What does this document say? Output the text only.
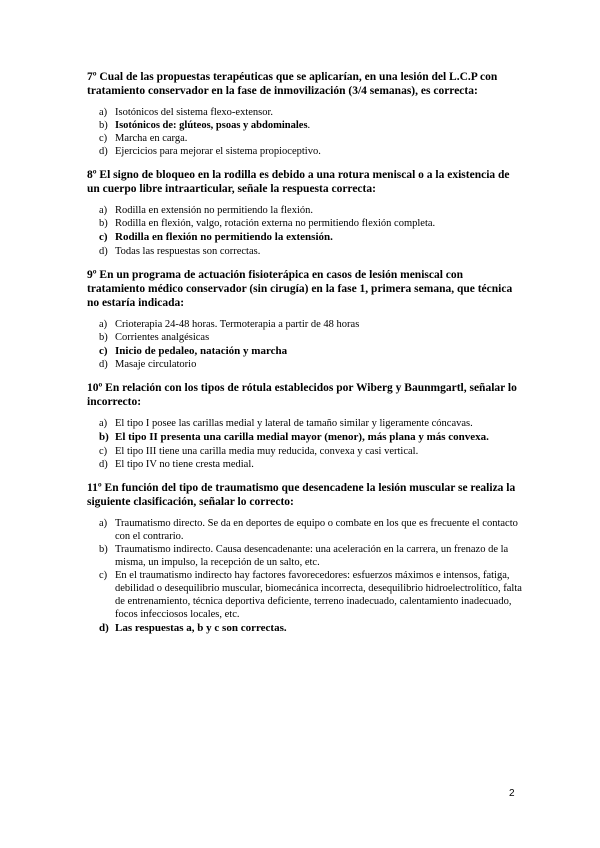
7º Cual de las propuestas terapéuticas que se aplicarían, en una lesión del L.C.P con tratamiento conservador en la fase de inmovilización (3/4 semanas), es correcta:
a) Isotónicos del sistema flexo-extensor.
b) Isotónicos de: glúteos, psoas y abdominales.
c) Marcha en carga.
d) Ejercicios para mejorar el sistema propioceptivo.
8º El signo de bloqueo en la rodilla es debido a una rotura meniscal o a la existencia de un cuerpo libre intraarticular, señale la respuesta correcta:
a) Rodilla en extensión no permitiendo la flexión.
b) Rodilla en flexión, valgo, rotación externa no permitiendo flexión completa.
c) Rodilla en flexión no permitiendo la extensión.
d) Todas las respuestas son correctas.
9º En un programa de actuación fisioterápica en casos de lesión meniscal con tratamiento médico conservador (sin cirugía) en la fase 1, primera semana, que técnica no estaría indicada:
a) Crioterapia 24-48 horas. Termoterapia a partir de 48 horas
b) Corrientes analgésicas
c) Inicio de pedaleo, natación y marcha
d) Masaje circulatorio
10º En relación con los tipos de rótula establecidos por Wiberg y Baunmgartl, señalar lo incorrecto:
a) El tipo I posee las carillas medial y lateral de tamaño similar y ligeramente cóncavas.
b) El tipo II presenta una carilla medial mayor (menor), más plana y más convexa.
c) El tipo III tiene una carilla media muy reducida, convexa y casi vertical.
d) El tipo IV no tiene cresta medial.
11º En función del tipo de traumatismo que desencadene la lesión muscular se realiza la siguiente clasificación, señalar lo correcto:
a) Traumatismo directo. Se da en deportes de equipo o combate en los que es frecuente el contacto con el contrario.
b) Traumatismo indirecto. Causa desencadenante: una aceleración en la carrera, un frenazo de la misma, un impulso, la recepción de un salto, etc.
c) En el traumatismo indirecto hay factores favorecedores: esfuerzos máximos e intensos, fatiga, debilidad o desequilibrio muscular, biomecánica incorrecta, desequilibrio hidroelectrolítico, falta de entrenamiento, técnica deportiva deficiente, terreno inadecuado, calentamiento inadecuado, focos infecciosos locales, etc.
d) Las respuestas a, b y c son correctas.
2
